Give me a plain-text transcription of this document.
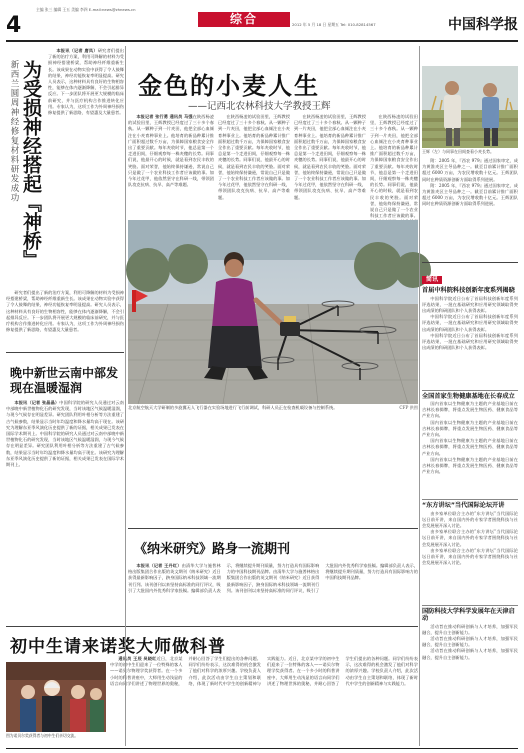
4
主编 张三 编辑 王五 美编 李四 E-mail:news@zhnews.cn
综合	2012 年 5 月 18 日 星期五 Tel: 010-82814567	中国科学报
新西兰圆周神经修复材料研发成功 为受损神经搭起『神桥』

本报讯（记者 唐凤）研究者们提出了新的治疗方案，利用可降解的材料为受损神经搭建桥梁，帮助神经纤维重新生长。该成果在动物实验中获得了令人鼓舞的结果，神经功能恢复率明显提高。研究人员表示，这种材料具有良好的生物相容性，能够在体内逐渐降解，不会引起排异反应。下一步团队将开展更大规模的临床前研究，并与医疗机构合作推进转化应用。专家认为，这项工作为外周神经损伤修复提供了新思路，有望惠及大量患者。

研究者们提出了新的治疗方案，利用可降解的材料为受损神经搭建桥梁，帮助神经纤维重新生长。该成果在动物实验中获得了令人鼓舞的结果，神经功能恢复率明显提高。研究人员表示，这种材料具有良好的生物相容性，能够在体内逐渐降解，不会引起排异反应。下一步团队将开展更大规模的临床前研究，并与医疗机构合作推进转化应用。专家认为，这项工作为外周神经损伤修复提供了新思路，有望惠及大量患者。

金色的小麦人生
——记西北农林科技大学教授王辉

本报记者 张行勇 通讯员 马强在陕西杨凌的试验田里，王辉教授已经度过了三十多个春秋。从一颗种子到一片麦田，他把全部心血倾注在小麦育种事业上。他培育的新品种累计推广面积超过数千万亩，为保障国家粮食安全作出了重要贡献。每年麦收时节，他总是第一个走进田间，仔细观察每一株麦穗的长势。同事们说，他最开心的时候，就是看到农民丰收的笑脸。面对荣誉，他始终保持谦逊，常说自己只是做了一个农业科技工作者应该做的事。如今年过花甲，他依然坚守在科研一线，带领团队攻克抗病、抗旱、高产等难题。

在陕西杨凌的试验田里，王辉教授已经度过了三十多个春秋。从一颗种子到一片麦田，他把全部心血倾注在小麦育种事业上。他培育的新品种累计推广面积超过数千万亩，为保障国家粮食安全作出了重要贡献。每年麦收时节，他总是第一个走进田间，仔细观察每一株麦穗的长势。同事们说，他最开心的时候，就是看到农民丰收的笑脸。面对荣誉，他始终保持谦逊，常说自己只是做了一个农业科技工作者应该做的事。如今年过花甲，他依然坚守在科研一线，带领团队攻克抗病、抗旱、高产等难题。

在陕西杨凌的试验田里，王辉教授已经度过了三十多个春秋。从一颗种子到一片麦田，他把全部心血倾注在小麦育种事业上。他培育的新品种累计推广面积超过数千万亩，为保障国家粮食安全作出了重要贡献。每年麦收时节，他总是第一个走进田间，仔细观察每一株麦穗的长势。同事们说，他最开心的时候，就是看到农民丰收的笑脸。面对荣誉，他始终保持谦逊，常说自己只是做了一个农业科技工作者应该做的事。如今年过花甲，他依然坚守在科研一线，带领团队攻克抗病、抗旱、高产等难题。

在陕西杨凌的试验田里，王辉教授已经度过了三十多个春秋。从一颗种子到一片麦田，他把全部心血倾注在小麦育种事业上。他培育的新品种累计推广面积超过数千万亩，为保障国家粮食安全作出了重要贡献。每年麦收时节，他总是第一个走进田间，仔细观察每一株麦穗的长势。同事们说，他最开心的时候，就是看到农民丰收的笑脸。面对荣誉，他始终保持谦逊，常说自己只是做了一个农业科技工作者应该做的事。

王辉（左）与同事在田间查看小麦长势。
北京航空航天大学研制的多旋翼无人飞行器在实验场地进行飞行前调试，科研人员正在检查机载设备与控制系统。	CFP 供图
晚中新世云南中部发现在温暖湿润

本报讯（记者 张晶晶）中国科学院的研究人员通过对云南中部晚中新世植物化石的研究发现，当时该地区气候温暖湿润，与现今气候存在明显差异。研究团队利用叶相分析等方法重建了古气候参数，结果显示当时年均温度和降水量均高于现在。该研究为理解东亚季风演化历史提供了新的证据，相关成果已发表在国际学术期刊上。中国科学院的研究人员通过对云南中部晚中新世植物化石的研究发现，当时该地区气候温暖湿润，与现今气候存在明显差异。研究团队利用叶相分析等方法重建了古气候参数，结果显示当时年均温度和降水量均高于现在。该研究为理解东亚季风演化历史提供了新的证据，相关成果已发表在国际学术期刊上。

《纳米研究》路身一流期刊

本报讯（记者 王丹红）由清华大学与施普林格出版集团合作出版的英文期刊《纳米研究》近日获得最新影响因子，跻身国际纳米科技领域一流期刊行列。该刊创刊以来坚持高标准的同行评议，吸引了大批国内外优秀科学家投稿。编辑部负责人表示，将继续提升期刊质量，努力打造具有国际影响力的中国科技期刊品牌。由清华大学与施普林格出版集团合作出版的英文期刊《纳米研究》近日获得最新影响因子，跻身国际纳米科技领域一流期刊行列。该刊创刊以来坚持高标准的同行评议，吸引了大批国内外优秀科学家投稿。编辑部负责人表示，将继续提升期刊质量，努力打造具有国际影响力的中国科技期刊品牌。

初中生请来诺奖大师做科普
图为诺贝尔奖获得者与初中生们亲切交流。

通讯员 王辰 吴晓红近日，北京某中学的初中生们迎来了一位特殊的客人——诺贝尔物理学奖获得者。在一个多小时的科普讲座中，大师用生动浅显的语言向同学们讲述了物理世界的奥秘，并耐心回答了学生们提出的各种问题。同学们纷纷表示，这次难得的机会激发了他们对科学的浓厚兴趣。学校负责人介绍，此次活动由学生自主策划和联络，体现了新时代中学生的创新精神与实践能力。近日，北京某中学的初中生们迎来了一位特殊的客人——诺贝尔物理学奖获得者。在一个多小时的科普讲座中，大师用生动浅显的语言向同学们讲述了物理世界的奥秘，并耐心回答了学生们提出的各种问题。同学们纷纷表示，这次难得的机会激发了他们对科学的浓厚兴趣。学校负责人介绍，此次活动由学生自主策划和联络，体现了新时代中学生的创新精神与实践能力。

附：2005 年，『西农 979』通过国家审定，成为黄淮麦区主导品种之一。截至目前累计推广面积超过 6000 万亩，为农民增收数十亿元。王辉团队同时在种质资源创新方面取得系列进展。

附：2005 年，『西农 979』通过国家审定，成为黄淮麦区主导品种之一。截至目前累计推广面积超过 6000 万亩，为农民增收数十亿元。王辉团队同时在种质资源创新方面取得系列进展。

简讯
首届中科院科技创新年度系列揭晓

中国科学院近日公布了首届科技创新年度系列评选结果，一批在基础研究和应用研究领域取得突出成绩的科研团队和个人获得表彰。

中国科学院近日公布了首届科技创新年度系列评选结果，一批在基础研究和应用研究领域取得突出成绩的科研团队和个人获得表彰。

中国科学院近日公布了首届科技创新年度系列评选结果，一批在基础研究和应用研究领域取得突出成绩的科研团队和个人获得表彰。

全国首家生物健康基地在长春成立

国内首家以生物健康为主题的产业基地日前在吉林长春揭牌，将重点发展生物医药、健康食品等产业方向。

国内首家以生物健康为主题的产业基地日前在吉林长春揭牌，将重点发展生物医药、健康食品等产业方向。

国内首家以生物健康为主题的产业基地日前在吉林长春揭牌，将重点发展生物医药、健康食品等产业方向。

国内首家以生物健康为主题的产业基地日前在吉林长春揭牌，将重点发展生物医药、健康食品等产业方向。

“东方讲坛”当代国际论坛开讲

由多家单位联合主办的“东方讲坛”当代国际论坛日前开讲，来自国内外的专家学者围绕科技与社会发展展开深入讨论。

由多家单位联合主办的“东方讲坛”当代国际论坛日前开讲，来自国内外的专家学者围绕科技与社会发展展开深入讨论。

由多家单位联合主办的“东方讲坛”当代国际论坛日前开讲，来自国内外的专家学者围绕科技与社会发展展开深入讨论。

国防科技大学科学发展年在天津启动

活动旨在推动科研创新与人才培养，加强军民融合，提升自主创新能力。

活动旨在推动科研创新与人才培养，加强军民融合，提升自主创新能力。

活动旨在推动科研创新与人才培养，加强军民融合，提升自主创新能力。
